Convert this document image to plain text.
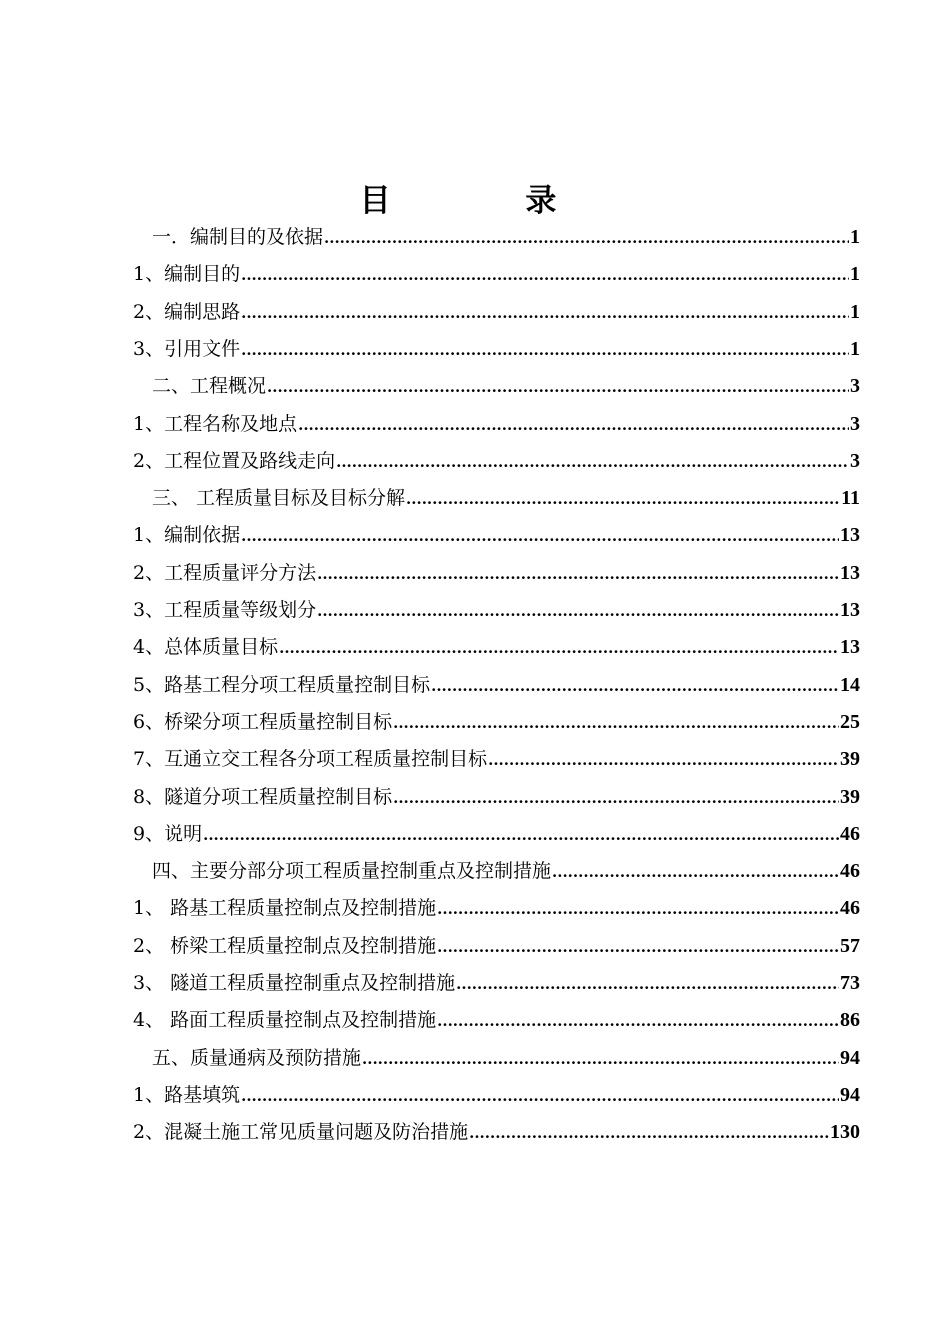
目 录
一．编制目的及依据 .....	1
1、编制目的 .....	1
2、编制思路 .....	1
3、引用文件 .....	1
二、工程概况 .....	3
1、工程名称及地点 .....	3
2、工程位置及路线走向 .....	3
三、 工程质量目标及目标分解 .....	11
1、编制依据 .....	13
2、工程质量评分方法 .....	13
3、工程质量等级划分 .....	13
4、总体质量目标 .....	13
5、路基工程分项工程质量控制目标 .....	14
6、桥梁分项工程质量控制目标 .....	25
7、互通立交工程各分项工程质量控制目标 .....	39
8、隧道分项工程质量控制目标 .....	39
9、说明 .....	46
四、主要分部分项工程质量控制重点及控制措施 .....	46
1、 路基工程质量控制点及控制措施 .....	46
2、 桥梁工程质量控制点及控制措施 .....	57
3、 隧道工程质量控制重点及控制措施 .....	73
4、 路面工程质量控制点及控制措施 .....	86
五、质量通病及预防措施 .....	94
1、路基填筑 .....	94
2、混凝土施工常见质量问题及防治措施 .....	130
